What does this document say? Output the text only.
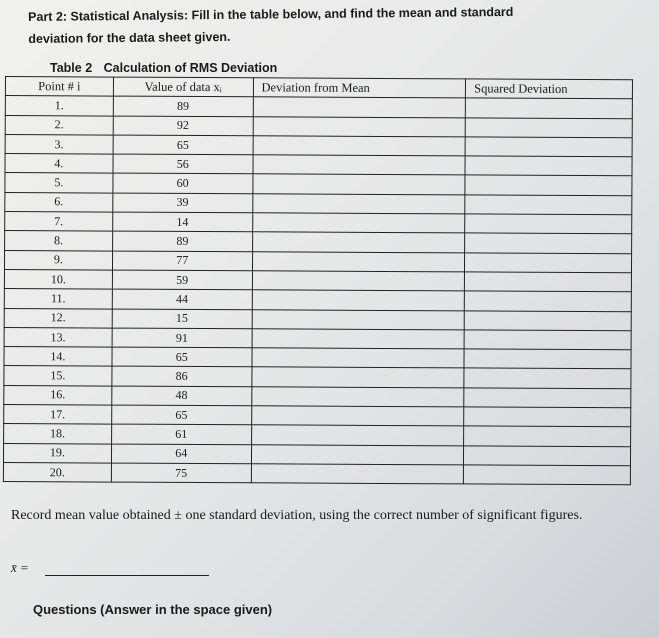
Part 2: Statistical Analysis: Fill in the table below, and find the mean and standard
deviation for the data sheet given.
Table 2 Calculation of RMS Deviation
Point # i	Value of data xᵢ	Deviation from Mean	Squared Deviation
1.	89		
2.	92		
3.	65		
4.	56		
5.	60		
6.	39		
7.	14		
8.	89		
9.	77		
10.	59		
11.	44		
12.	15		
13.	91		
14.	65		
15.	86		
16.	48		
17.	65		
18.	61		
19.	64		
20.	75		
Record mean value obtained ± one standard deviation, using the correct number of significant figures.
x̄ =
Questions (Answer in the space given)
